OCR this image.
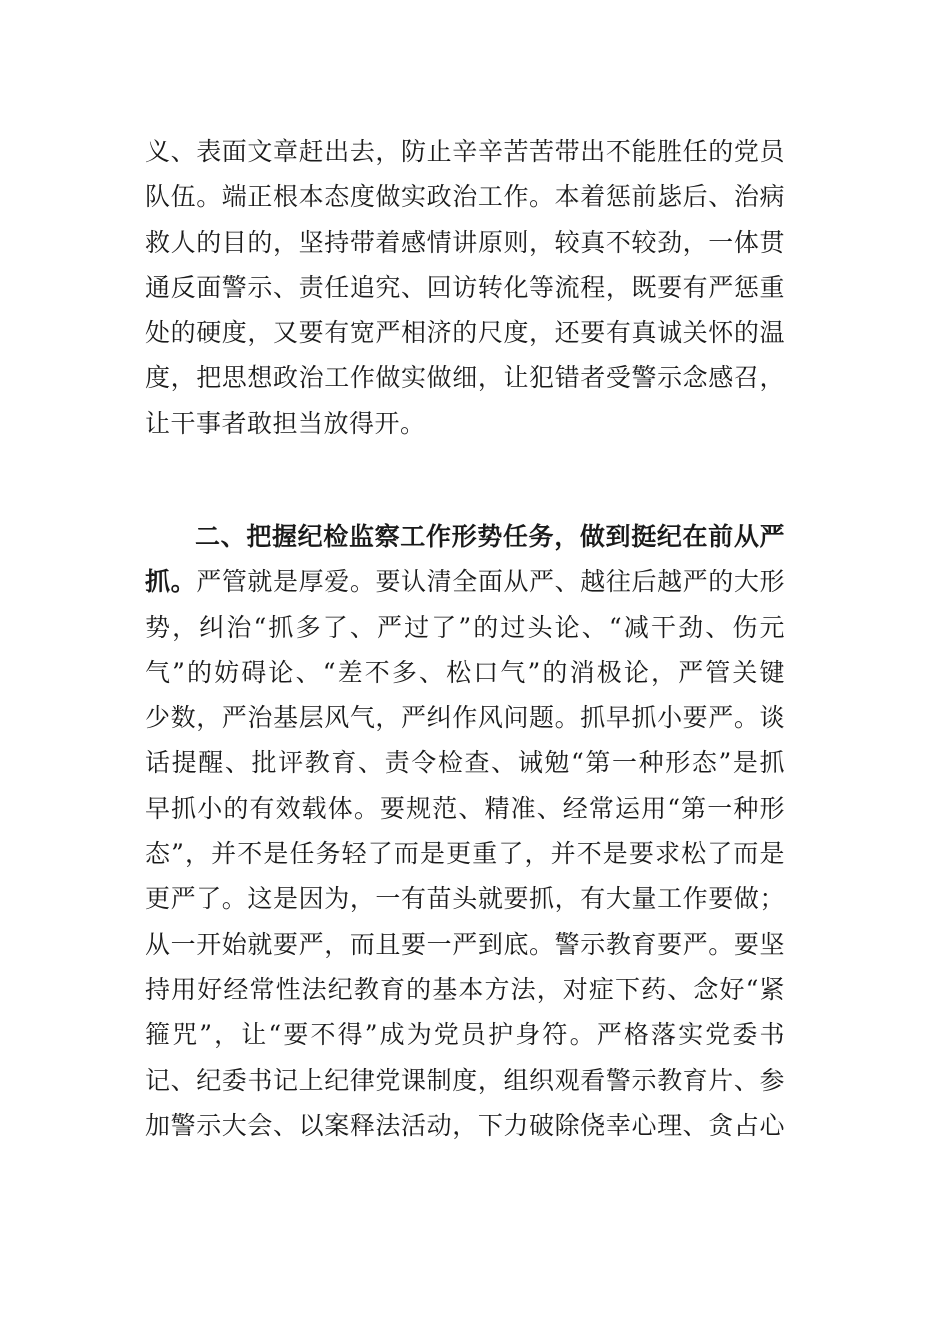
义、表面文章赶出去，防止辛辛苦苦带出不能胜任的党员
队伍。端正根本态度做实政治工作。本着惩前毖后、治病
救人的目的，坚持带着感情讲原则，较真不较劲，一体贯
通反面警示、责任追究、回访转化等流程，既要有严惩重
处的硬度，又要有宽严相济的尺度，还要有真诚关怀的温
度，把思想政治工作做实做细，让犯错者受警示念感召，
让干事者敢担当放得开。
二、把握纪检监察工作形势任务，做到挺纪在前从严
抓。严管就是厚爱。要认清全面从严、越往后越严的大形
势，纠治“抓多了、严过了”的过头论、“减干劲、伤元
气”的妨碍论、“差不多、松口气”的消极论，严管关键
少数，严治基层风气，严纠作风问题。抓早抓小要严。谈
话提醒、批评教育、责令检查、诫勉“第一种形态”是抓
早抓小的有效载体。要规范、精准、经常运用“第一种形
态”，并不是任务轻了而是更重了，并不是要求松了而是
更严了。这是因为，一有苗头就要抓，有大量工作要做；
从一开始就要严，而且要一严到底。警示教育要严。要坚
持用好经常性法纪教育的基本方法，对症下药、念好“紧
箍咒”，让“要不得”成为党员护身符。严格落实党委书
记、纪委书记上纪律党课制度，组织观看警示教育片、参
加警示大会、以案释法活动，下力破除侥幸心理、贪占心
